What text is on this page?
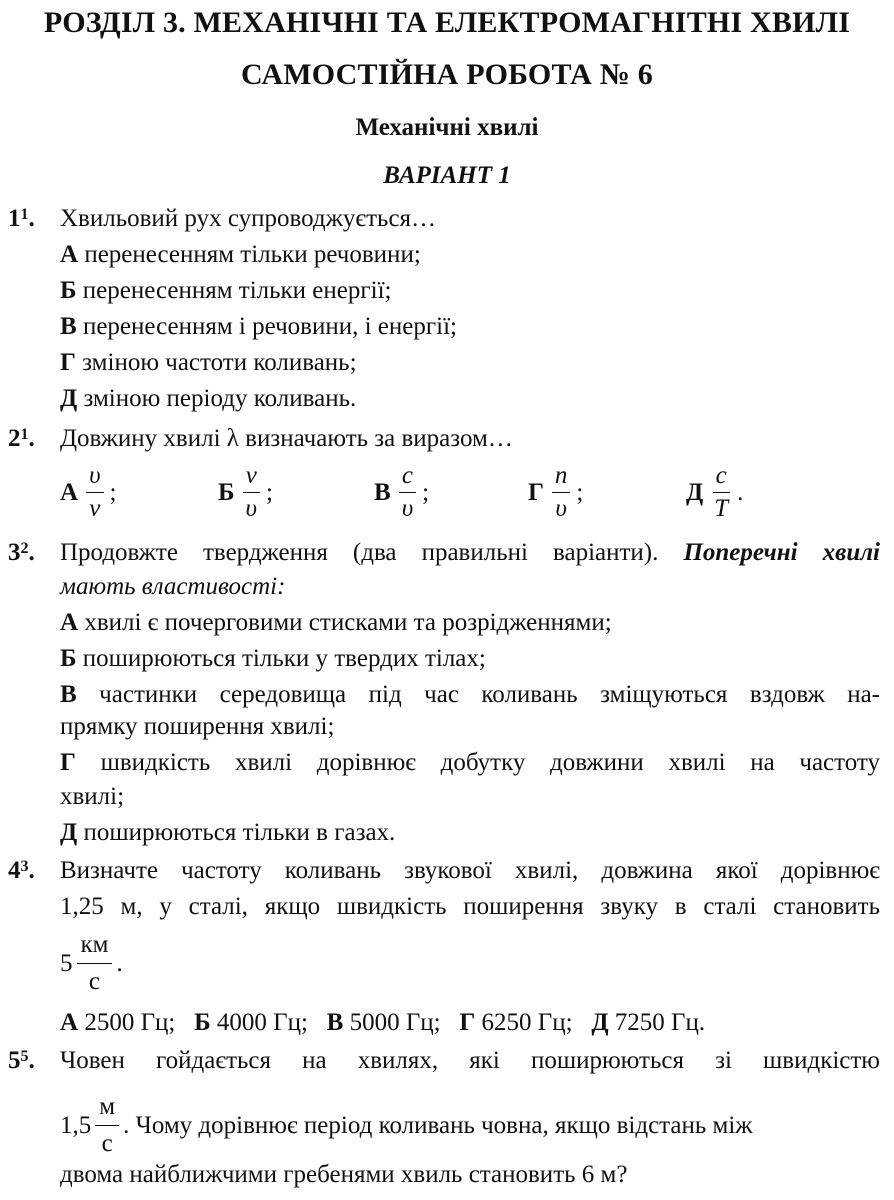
РОЗДІЛ 3. МЕХАНІЧНІ ТА ЕЛЕКТРОМАГНІТНІ ХВИЛІ
САМОСТІЙНА РОБОТА № 6
Механічні хвилі
ВАРІАНТ 1
$1^1$. Хвильовий рух супроводжується…
А перенесенням тільки речовини;
Б перенесенням тільки енергії;
В перенесенням і речовини, і енергії;
Г зміною частоти коливань;
Д зміною періоду коливань.
$2^1$. Довжину хвилі λ визначають за виразом…
А $\frac{\upsilon}{\nu}$ ;	Б $\frac{\nu}{\upsilon}$ ;	В $\frac{c}{\upsilon}$ ;	Г $\frac{n}{\upsilon}$ ;	Д $\frac{c}{T}$ .
$3^2$. Продовжте твердження (два правильні варіанти). Поперечні хвилі
мають властивості:
А хвилі є почерговими стисками та розрідженнями;
Б поширюються тільки у твердих тілах;
В частинки середовища під час коливань зміщуються вздовж на-
прямку поширення хвилі;
Г швидкість хвилі дорівнює добутку довжини хвилі на частоту
хвилі;
Д поширюються тільки в газах.
$4^3$. Визначте частоту коливань звукової хвилі, довжина якої дорівнює
1,25 м, у сталі, якщо швидкість поширення звуку в сталі становить
$5 \frac{км}{с}$ .
А 2500 Гц; Б 4000 Гц; В 5000 Гц; Г 6250 Гц; Д 7250 Гц.
$5^5$. Човен гойдається на хвилях, які поширюються зі швидкістю
$1,5 \frac{м}{с}$ . Чому дорівнює період коливань човна, якщо відстань між
двома найближчими гребенями хвиль становить 6 м?
